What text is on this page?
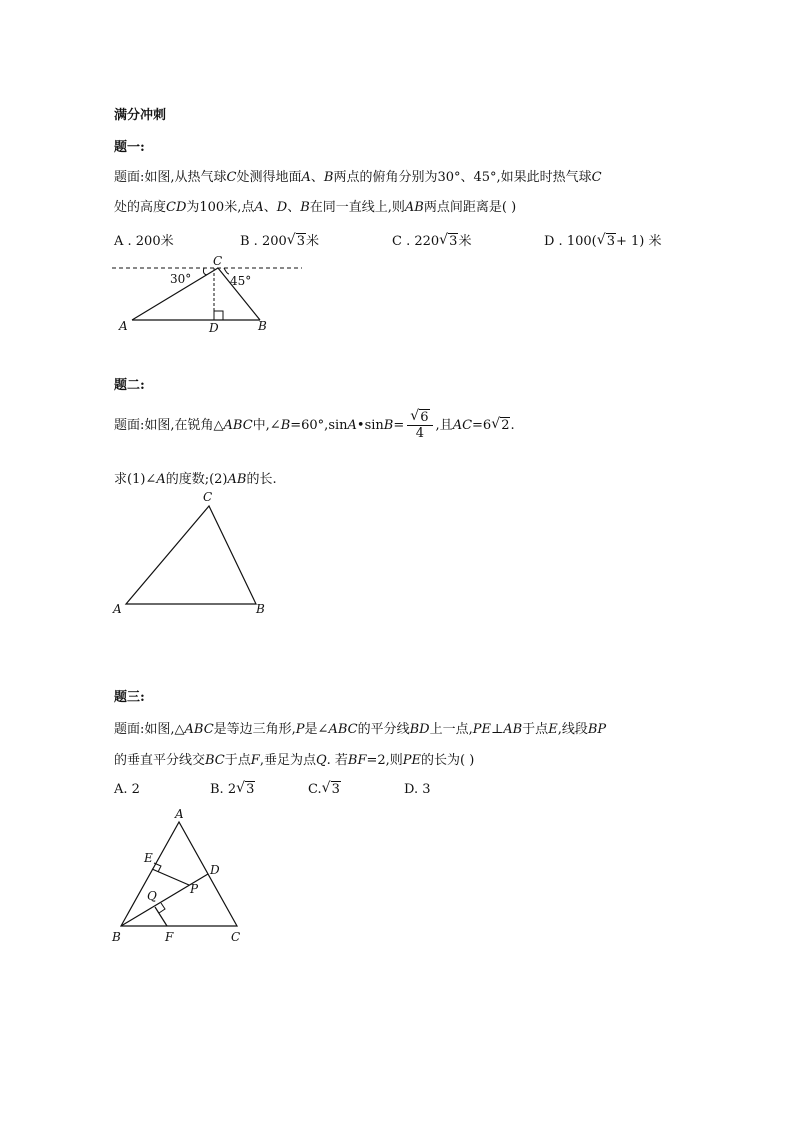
满分冲刺
题一:
题面:如图,从热气球C处测得地面A、B两点的俯角分别为30°、45°,如果此时热气球C
处的高度CD为100米,点A、D、B在同一直线上,则AB两点间距离是( )
A . 200米	B . 200 √ 3米	C . 220 √ 3米	D . 100( √ 3+ 1) 米
C
30°	45°
A	D	B
题二:
题面:如图,在锐角△ABC中,∠B=60°,sinA•sinB= $\frac{√ 6}{4}$ ,且AC=6 √ 2.
求(1)∠A的度数;(2)AB的长.
C
A	B
题三:
题面:如图,△ABC是等边三角形,P是∠ABC的平分线BD上一点,PE⊥AB于点E,线段BP
的垂直平分线交BC于点F,垂足为点Q. 若BF=2,则PE的长为( )
A. 2	B. 2 √ 3	C. √ 3	D. 3
A
E
D
Q	P
B	F	C
